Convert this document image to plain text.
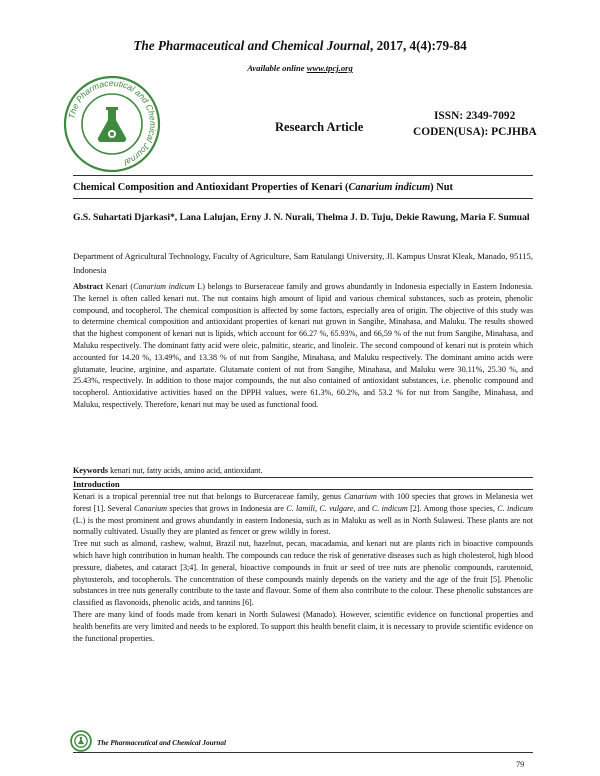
The Pharmaceutical and Chemical Journal, 2017, 4(4):79-84
Available online www.tpcj.org
The Pharmaceutical and Chemical Journal
ISSN: 2349-7092
CODEN(USA): PCJHBA
Research Article
Chemical Composition and Antioxidant Properties of Kenari (Canarium indicum) Nut
G.S. Suhartati Djarkasi*, Lana Lalujan, Erny J. N. Nurali, Thelma J. D. Tuju, Dekie Rawung, Maria F. Sumual
Department of Agricultural Technology, Faculty of Agriculture, Sam Ratulangi University, Jl. Kampus Unsrat Kleak, Manado, 95115, Indonesia
Abstract Kenari (Canarium indicum L) belongs to Burseraceae family and grows abundantly in Indonesia especially in Eastern Indonesia. The kernel is often called kenari nut. The nut contains high amount of lipid and various chemical substances, such as protein, phenolic compound, and tocopherol. The chemical composition is affected by some factors, especially area of origin. The objective of this study was to determine chemical composition and antioxidant properties of kenari nut grown in Sangihe, Minahasa, and Maluku. The results showed that the highest component of kenari nut is lipids, which account for 66.27 %, 65.93%, and 66,59 % of the nut from Sangihe, Minahasa, and Maluku respectively. The dominant fatty acid were oleic, palmitic, stearic, and linoleic. The second compound of kenari nut is protein which accounted for 14.20 %, 13.49%, and 13.38 % of nut from Sangihe, Minahasa, and Maluku respectively. The dominant amino acids were glutamate, leucine, arginine, and aspartate. Glutamate content of nut from Sangihe, Minahasa, and Maluku were 30.11%, 25.30 %, and 25.43%, respectively. In addition to those major compounds, the nut also contained of antioxidant substances, i.e. phenolic compound and tocopherol. Antioxidative activities based on the DPPH values, were 61.3%, 60.2%, and 53.2 % for nut from Sangihe, Minahasa, and Maluku, respectively. Therefore, kenari nut may be used as functional food.
Keywords kenari nut, fatty acids, amino acid, antioxidant.
Introduction

Kenari is a tropical perennial tree nut that belongs to Burceraceae family, genus Canarium with 100 species that grows in Melanesia wet forest [1]. Several Canarium species that grows in Indonesia are C. lamili, C. vulgare, and C. indicum [2]. Among those species, C. indicum (L.) is the most prominent and grows abundantly in eastern Indonesia, such as in Maluku as well as in North Sulawesi. These plants are not normally cultivated. Usually they are planted as fencer or grew wildly in forest.

Tree nut such as almond, cashew, walnut, Brazil nut, hazelnut, pecan, macadamia, and kenari nut are plants rich in bioactive compounds which have high contribution in human health. The compounds can reduce the risk of generative diseases such as high cholesterol, high blood pressure, diabetes, and cataract [3;4]. In general, bioactive compounds in fruit or seed of tree nuts are phenolic compounds, carotenoid, phytosterols, and tocopherols. The concentration of these compounds mainly depends on the variety and the age of the fruit [5]. Phenolic substances in tree nuts generally contribute to the taste and flavour. Some of them also contribute to the colour. These phenolic substances are classified as flavonoids, phenolic acids, and tannins [6].

There are many kind of foods made from kenari in North Sulawesi (Manado). However, scientific evidence on functional properties and health benefits are very limited and needs to be explored. To support this health benefit claim, it is necessary to provide scientific evidence on the functional properties.

The Pharmaceutical and Chemical Journal
79
